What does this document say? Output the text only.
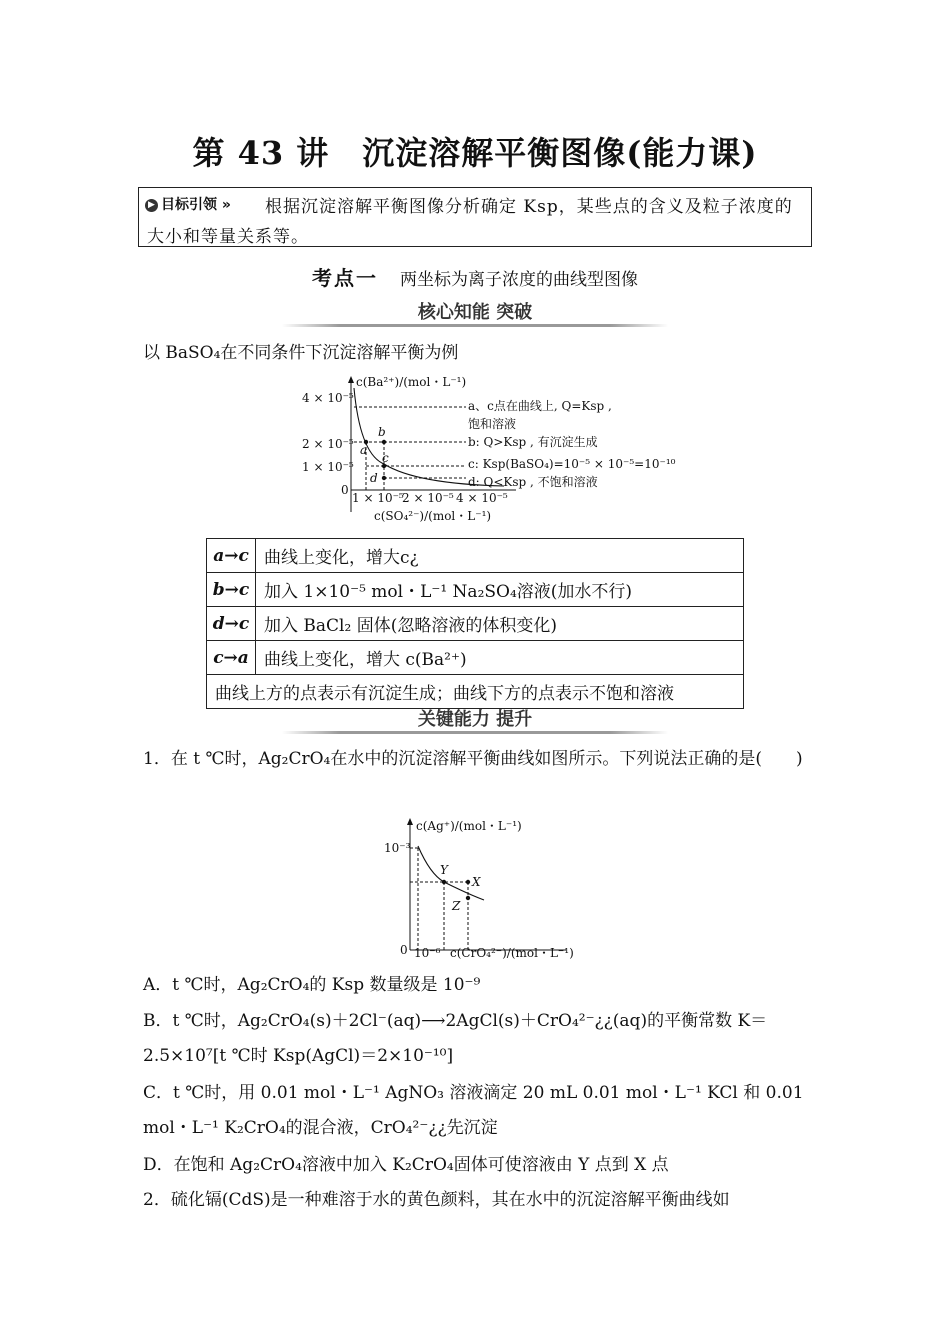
第 43 讲　沉淀溶解平衡图像(能力课)
▶ 目标引领 »	根据沉淀溶解平衡图像分析确定 Ksp，某些点的含义及粒子浓度的大小和等量关系等。
考点一 两坐标为离子浓度的曲线型图像
核心知能 突破
以 BaSO₄在不同条件下沉淀溶解平衡为例
c(Ba²⁺)/(mol・L⁻¹)
4 × 10⁻⁵
2 × 10⁻⁵
1 × 10⁻⁵
0
1 × 10⁻⁵
2 × 10⁻⁵ 4 × 10⁻⁵
c(SO₄²⁻)/(mol・L⁻¹)
a
b
c
d
a、c点在曲线上, Q=Ksp ,
饱和溶液
b: Q>Ksp , 有沉淀生成
c: Ksp(BaSO₄)=10⁻⁵ × 10⁻⁵=10⁻¹⁰
d: Q<Ksp , 不饱和溶液
a→c	曲线上变化，增大c¿
b→c	加入 1×10⁻⁵ mol・L⁻¹ Na₂SO₄溶液(加水不行)
d→c	加入 BaCl₂ 固体(忽略溶液的体积变化)
c→a	曲线上变化，增大 c(Ba²⁺)
曲线上方的点表示有沉淀生成；曲线下方的点表示不饱和溶液	
关键能力 提升
1．在 t ℃时，Ag₂CrO₄在水中的沉淀溶解平衡曲线如图所示。下列说法正确的是(　　)
c(Ag⁺)/(mol・L⁻¹)
10⁻³
0 10⁻⁶ c(CrO₄²⁻)/(mol・L⁻¹)
X
Y
Z
A．t ℃时，Ag₂CrO₄的 Ksp 数量级是 10⁻⁹
B．t ℃时，Ag₂CrO₄(s)＋2Cl⁻(aq)⟶2AgCl(s)＋CrO₄²⁻¿¿(aq)的平衡常数 K＝2.5×10⁷[t ℃时 Ksp(AgCl)＝2×10⁻¹⁰]
C．t ℃时，用 0.01 mol・L⁻¹ AgNO₃ 溶液滴定 20 mL 0.01 mol・L⁻¹ KCl 和 0.01 mol・L⁻¹ K₂CrO₄的混合液，CrO₄²⁻¿¿先沉淀
D．在饱和 Ag₂CrO₄溶液中加入 K₂CrO₄固体可使溶液由 Y 点到 X 点
2．硫化镉(CdS)是一种难溶于水的黄色颜料，其在水中的沉淀溶解平衡曲线如
